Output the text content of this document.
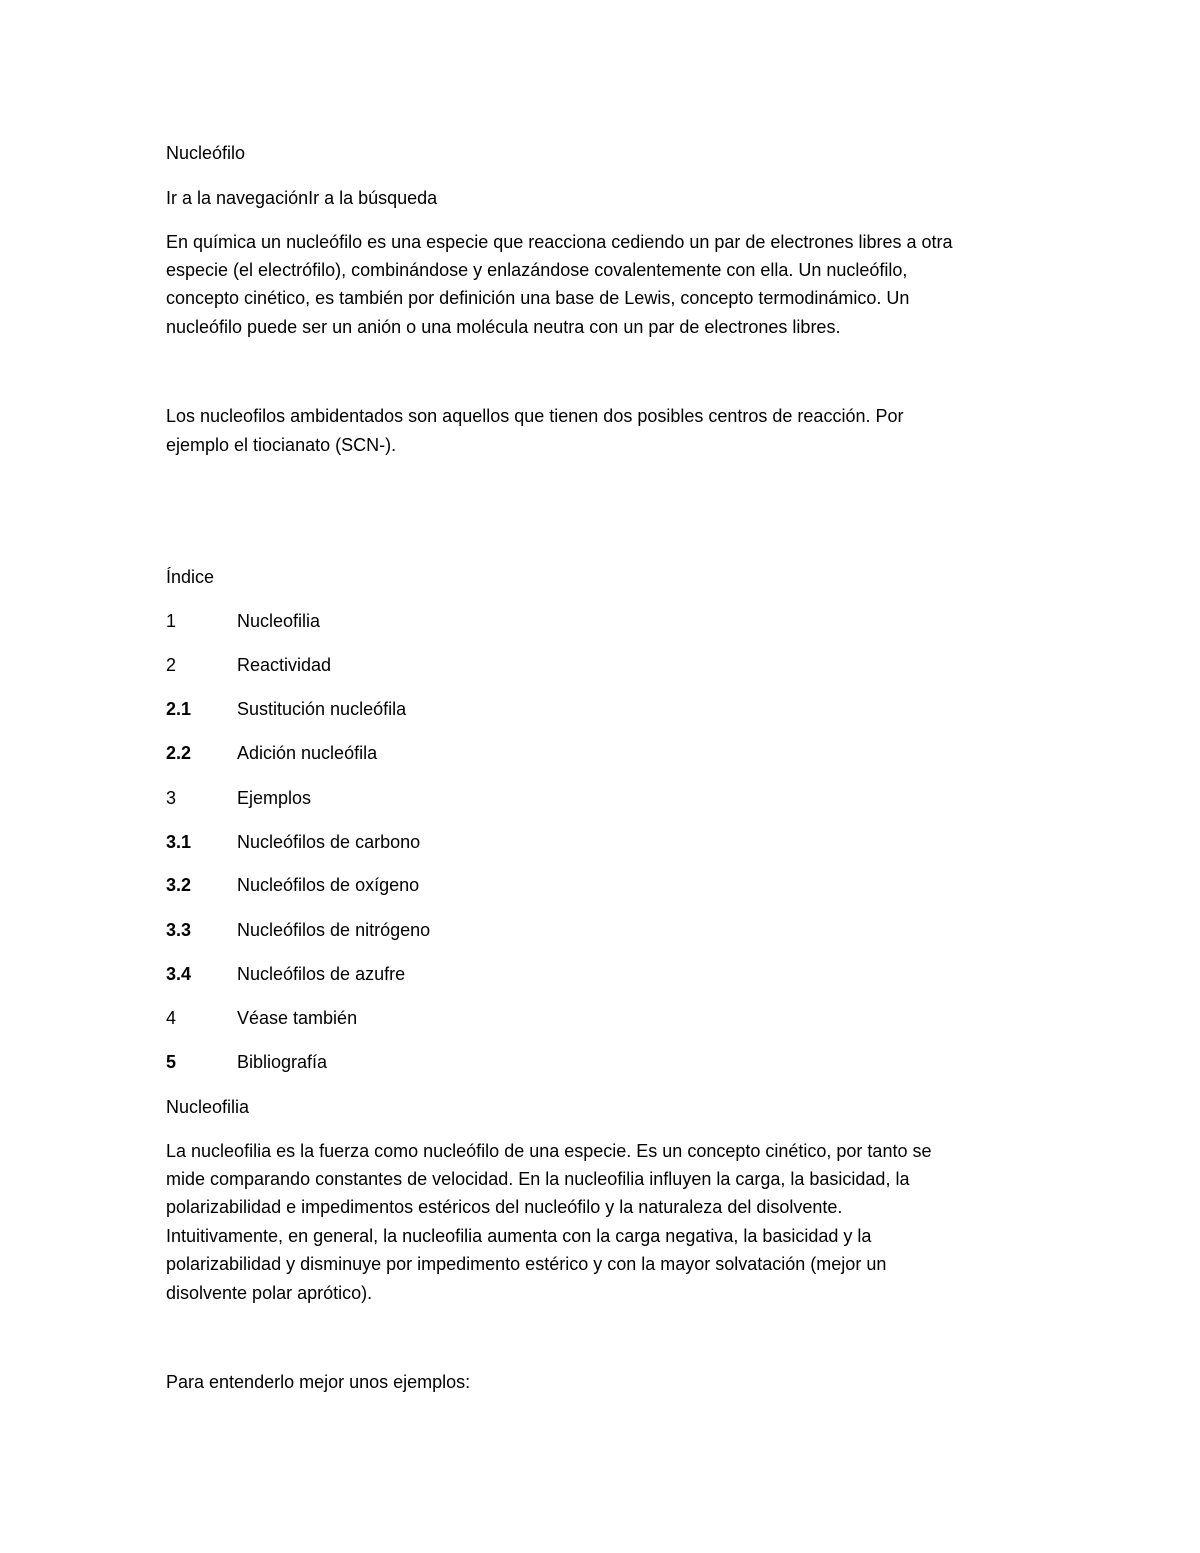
Nucleófilo
Ir a la navegaciónIr a la búsqueda
En química un nucleófilo es una especie que reacciona cediendo un par de electrones libres a otra
especie (el electrófilo), combinándose y enlazándose covalentemente con ella. Un nucleófilo,
concepto cinético, es también por definición una base de Lewis, concepto termodinámico. Un
nucleófilo puede ser un anión o una molécula neutra con un par de electrones libres.
Los nucleofilos ambidentados son aquellos que tienen dos posibles centros de reacción. Por
ejemplo el tiocianato (SCN-).
Índice
1	Nucleofilia
2	Reactividad
2.1	Sustitución nucleófila
2.2	Adición nucleófila
3	Ejemplos
3.1	Nucleófilos de carbono
3.2	Nucleófilos de oxígeno
3.3	Nucleófilos de nitrógeno
3.4	Nucleófilos de azufre
4	Véase también
5	Bibliografía
Nucleofilia
La nucleofilia es la fuerza como nucleófilo de una especie. Es un concepto cinético, por tanto se
mide comparando constantes de velocidad. En la nucleofilia influyen la carga, la basicidad, la
polarizabilidad e impedimentos estéricos del nucleófilo y la naturaleza del disolvente.
Intuitivamente, en general, la nucleofilia aumenta con la carga negativa, la basicidad y la
polarizabilidad y disminuye por impedimento estérico y con la mayor solvatación (mejor un
disolvente polar aprótico).
Para entenderlo mejor unos ejemplos:
